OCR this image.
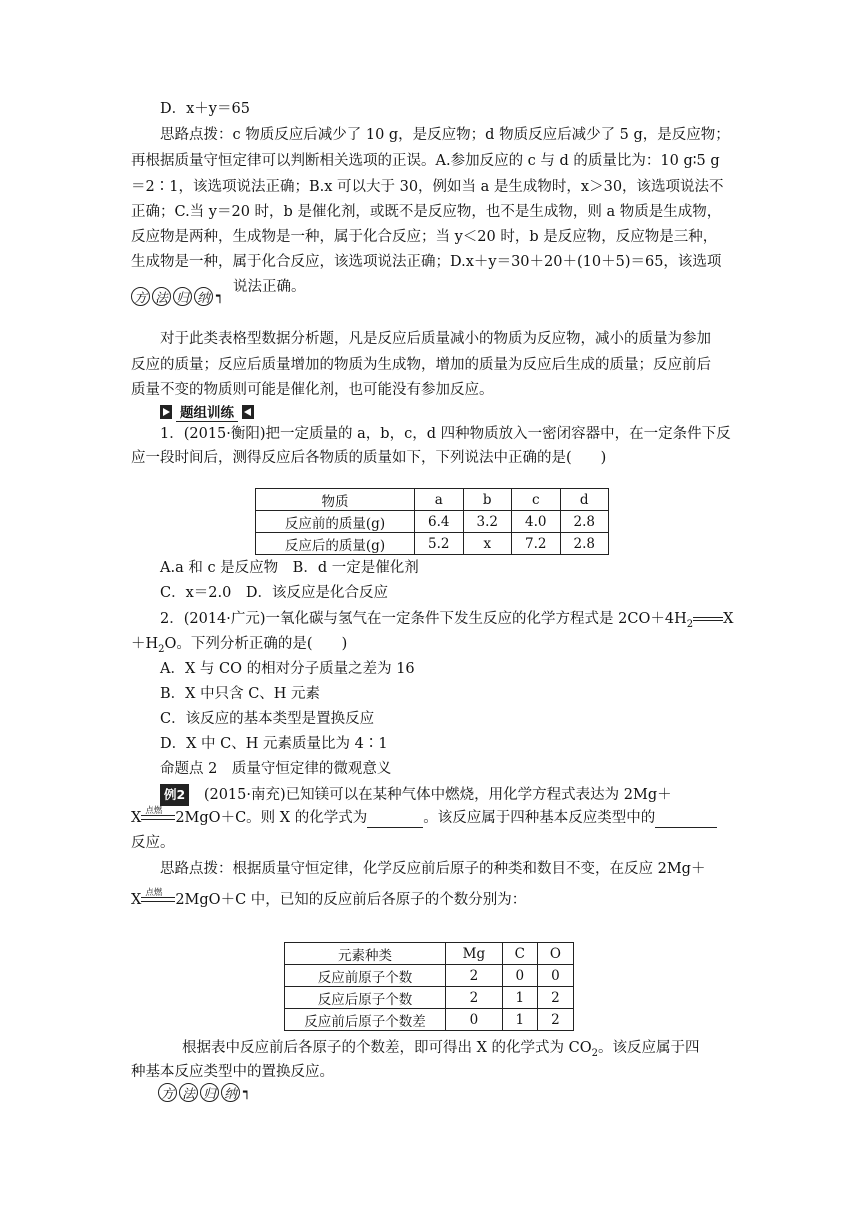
D．x＋y＝65
思路点拨：c 物质反应后减少了 10 g，是反应物；d 物质反应后减少了 5 g，是反应物；
再根据质量守恒定律可以判断相关选项的正误。A.参加反应的 c 与 d 的质量比为：10 g∶5 g
＝2∶1，该选项说法正确；B.x 可以大于 30，例如当 a 是生成物时，x＞30，该选项说法不
正确；C.当 y＝20 时，b 是催化剂，或既不是反应物，也不是生成物，则 a 物质是生成物，
反应物是两种，生成物是一种，属于化合反应；当 y＜20 时，b 是反应物，反应物是三种，
生成物是一种，属于化合反应，该选项说法正确；D.x＋y＝30＋20＋(10＋5)＝65，该选项
说法正确。
方 法 归 纳 ┑
对于此类表格型数据分析题，凡是反应后质量减小的物质为反应物，减小的质量为参加
反应的质量；反应后质量增加的物质为生成物，增加的质量为反应后生成的质量；反应前后
质量不变的物质则可能是催化剂，也可能没有参加反应。
题组训练
1．(2015·衡阳)把一定质量的 a，b，c，d 四种物质放入一密闭容器中，在一定条件下反
应一段时间后，测得反应后各物质的质量如下，下列说法中正确的是(　　)
物质	a	b	c	d
反应前的质量(g)	6.4	3.2	4.0	2.8
反应后的质量(g)	5.2	x	7.2	2.8
A.a 和 c 是反应物　B．d 一定是催化剂
C．x＝2.0　D．该反应是化合反应
2．(2014·广元)一氧化碳与氢气在一定条件下发生反应的化学方程式是 $2CO+4H_2$ X
$+H_2O$。下列分析正确的是(　　)
A．X 与 CO 的相对分子质量之差为 16
B．X 中只含 C、H 元素
C．该反应的基本类型是置换反应
D．X 中 C、H 元素质量比为 4∶1
命题点 2　质量守恒定律的微观意义
例2 (2015·南充)已知镁可以在某种气体中燃烧，用化学方程式表达为 2Mg＋
X 点燃 2MgO＋C。则 X 的化学式为	。该反应属于四种基本反应类型中的
反应。
思路点拨：根据质量守恒定律，化学反应前后原子的种类和数目不变，在反应 2Mg＋
X 点燃 2MgO＋C 中，已知的反应前后各原子的个数分别为：
元素种类	Mg	C	O
反应前原子个数	2	0	0
反应后原子个数	2	1	2
反应前后原子个数差	0	1	2
根据表中反应前后各原子的个数差，即可得出 X 的化学式为 $CO_2$。该反应属于四
种基本反应类型中的置换反应。
方 法 归 纳 ┑
